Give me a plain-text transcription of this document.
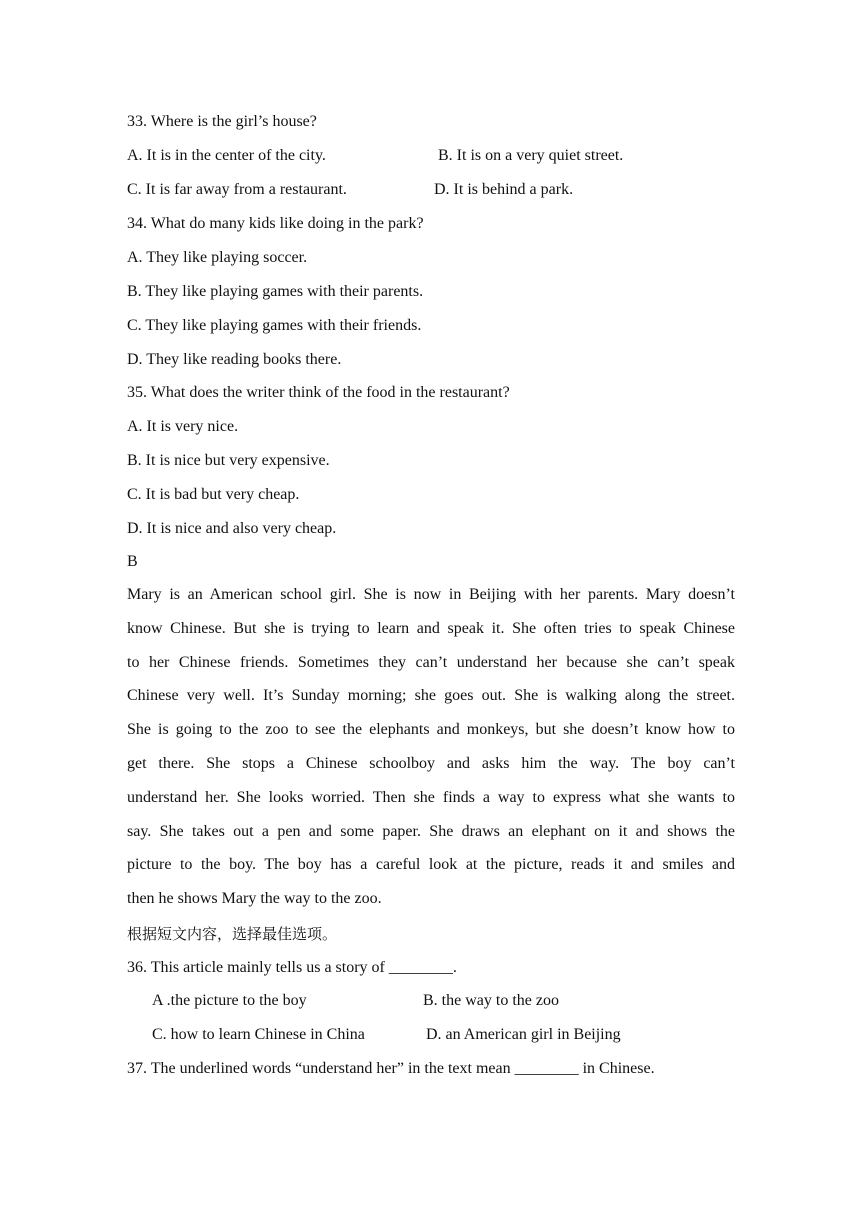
33. Where is the girl’s house?
A. It is in the center of the city.	B. It is on a very quiet street.
C. It is far away from a restaurant.	D. It is behind a park.
34. What do many kids like doing in the park?
A. They like playing soccer.
B. They like playing games with their parents.
C. They like playing games with their friends.
D. They like reading books there.
35. What does the writer think of the food in the restaurant?
A. It is very nice.
B. It is nice but very expensive.
C. It is bad but very cheap.
D. It is nice and also very cheap.
B
Mary is an American school girl. She is now in Beijing with her parents. Mary doesn’t
know Chinese. But she is trying to learn and speak it. She often tries to speak Chinese
to her Chinese friends. Sometimes they can’t understand her because she can’t speak
Chinese very well. It’s Sunday morning; she goes out. She is walking along the street.
She is going to the zoo to see the elephants and monkeys, but she doesn’t know how to
get there. She stops a Chinese schoolboy and asks him the way. The boy can’t
understand her. She looks worried. Then she finds a way to express what she wants to
say. She takes out a pen and some paper. She draws an elephant on it and shows the
picture to the boy. The boy has a careful look at the picture, reads it and smiles and
then he shows Mary the way to the zoo.
根据短文内容，选择最佳选项。
36. This article mainly tells us a story of ________.
A .the picture to the boy	B. the way to the zoo
C. how to learn Chinese in China	D. an American girl in Beijing
37. The underlined words “understand her” in the text mean ________ in Chinese.
